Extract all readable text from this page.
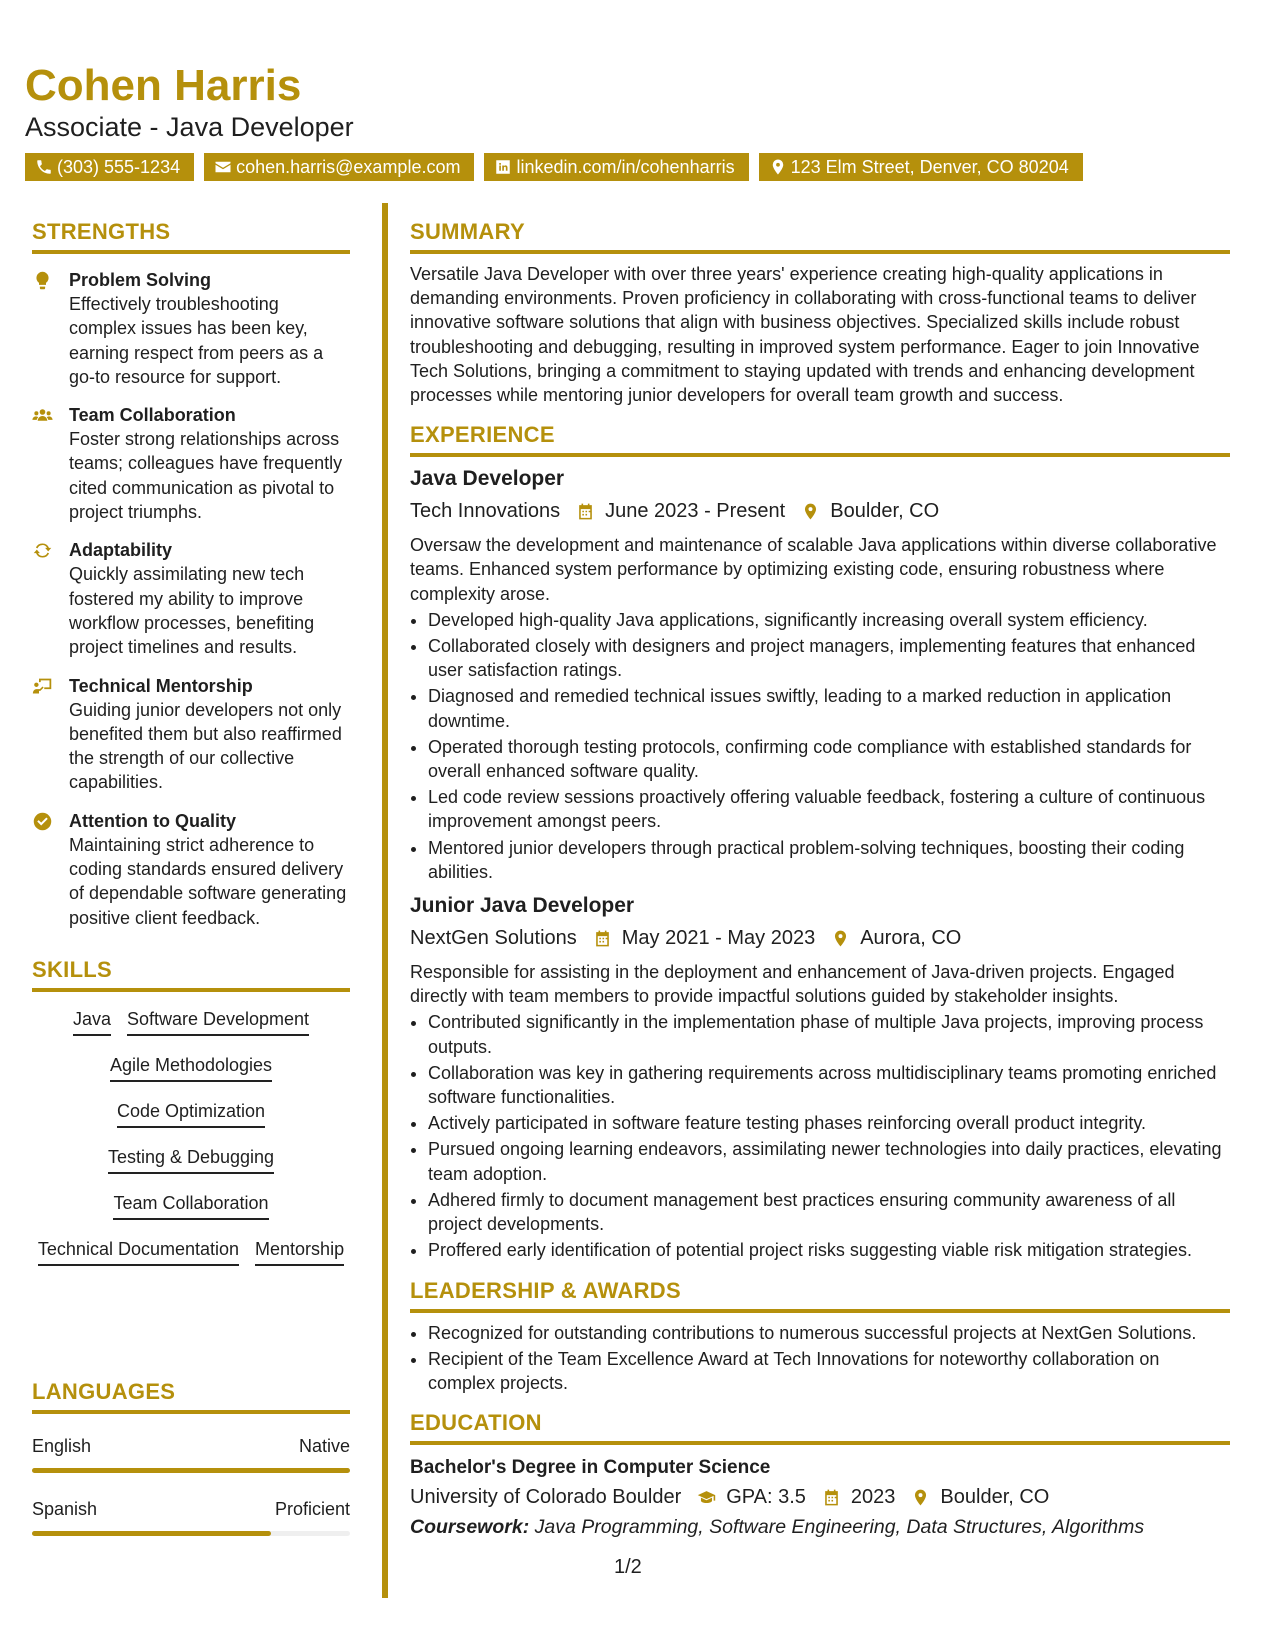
Cohen Harris
Associate - Java Developer
(303) 555-1234	cohen.harris@example.com	linkedin.com/in/cohenharris	123 Elm Street, Denver, CO 80204
STRENGTHS
Problem Solving
Effectively troubleshooting complex issues has been key, earning respect from peers as a go-to resource for support.
Team Collaboration
Foster strong relationships across teams; colleagues have frequently cited communication as pivotal to project triumphs.
Adaptability
Quickly assimilating new tech fostered my ability to improve workflow processes, benefiting project timelines and results.
Technical Mentorship
Guiding junior developers not only benefited them but also reaffirmed the strength of our collective capabilities.
Attention to Quality
Maintaining strict adherence to coding standards ensured delivery of dependable software generating positive client feedback.
SKILLS
Java Software Development
Agile Methodologies
Code Optimization
Testing & Debugging
Team Collaboration
Technical Documentation Mentorship
LANGUAGES
English	Native
Spanish	Proficient
SUMMARY
Versatile Java Developer with over three years' experience creating high-quality applications in demanding environments. Proven proficiency in collaborating with cross-functional teams to deliver innovative software solutions that align with business objectives. Specialized skills include robust troubleshooting and debugging, resulting in improved system performance. Eager to join Innovative Tech Solutions, bringing a commitment to staying updated with trends and enhancing development processes while mentoring junior developers for overall team growth and success.
EXPERIENCE
Java Developer
Tech Innovations June 2023 - Present Boulder, CO
Oversaw the development and maintenance of scalable Java applications within diverse collaborative teams. Enhanced system performance by optimizing existing code, ensuring robustness where complexity arose.
• Developed high-quality Java applications, significantly increasing overall system efficiency.
• Collaborated closely with designers and project managers, implementing features that enhanced user satisfaction ratings.
• Diagnosed and remedied technical issues swiftly, leading to a marked reduction in application downtime.
• Operated thorough testing protocols, confirming code compliance with established standards for overall enhanced software quality.
• Led code review sessions proactively offering valuable feedback, fostering a culture of continuous improvement amongst peers.
• Mentored junior developers through practical problem-solving techniques, boosting their coding abilities.
Junior Java Developer
NextGen Solutions May 2021 - May 2023 Aurora, CO
Responsible for assisting in the deployment and enhancement of Java-driven projects. Engaged directly with team members to provide impactful solutions guided by stakeholder insights.
• Contributed significantly in the implementation phase of multiple Java projects, improving process outputs.
• Collaboration was key in gathering requirements across multidisciplinary teams promoting enriched software functionalities.
• Actively participated in software feature testing phases reinforcing overall product integrity.
• Pursued ongoing learning endeavors, assimilating newer technologies into daily practices, elevating team adoption.
• Adhered firmly to document management best practices ensuring community awareness of all project developments.
• Proffered early identification of potential project risks suggesting viable risk mitigation strategies.
LEADERSHIP & AWARDS
• Recognized for outstanding contributions to numerous successful projects at NextGen Solutions.
• Recipient of the Team Excellence Award at Tech Innovations for noteworthy collaboration on complex projects.
EDUCATION
Bachelor's Degree in Computer Science
University of Colorado Boulder GPA: 3.5 2023 Boulder, CO
Coursework: Java Programming, Software Engineering, Data Structures, Algorithms
1/2
